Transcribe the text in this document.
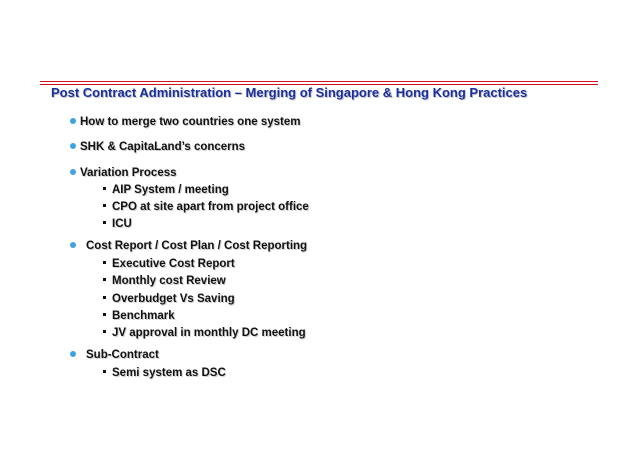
Post Contract Administration – Merging of Singapore & Hong Kong Practices
How to merge two countries one system
SHK & CapitaLand’s concerns
Variation Process
AIP System / meeting
CPO at site apart from project office
ICU
Cost Report / Cost Plan / Cost Reporting
Executive Cost Report
Monthly cost Review
Overbudget Vs Saving
Benchmark
JV approval in monthly DC meeting
Sub-Contract
Semi system as DSC
